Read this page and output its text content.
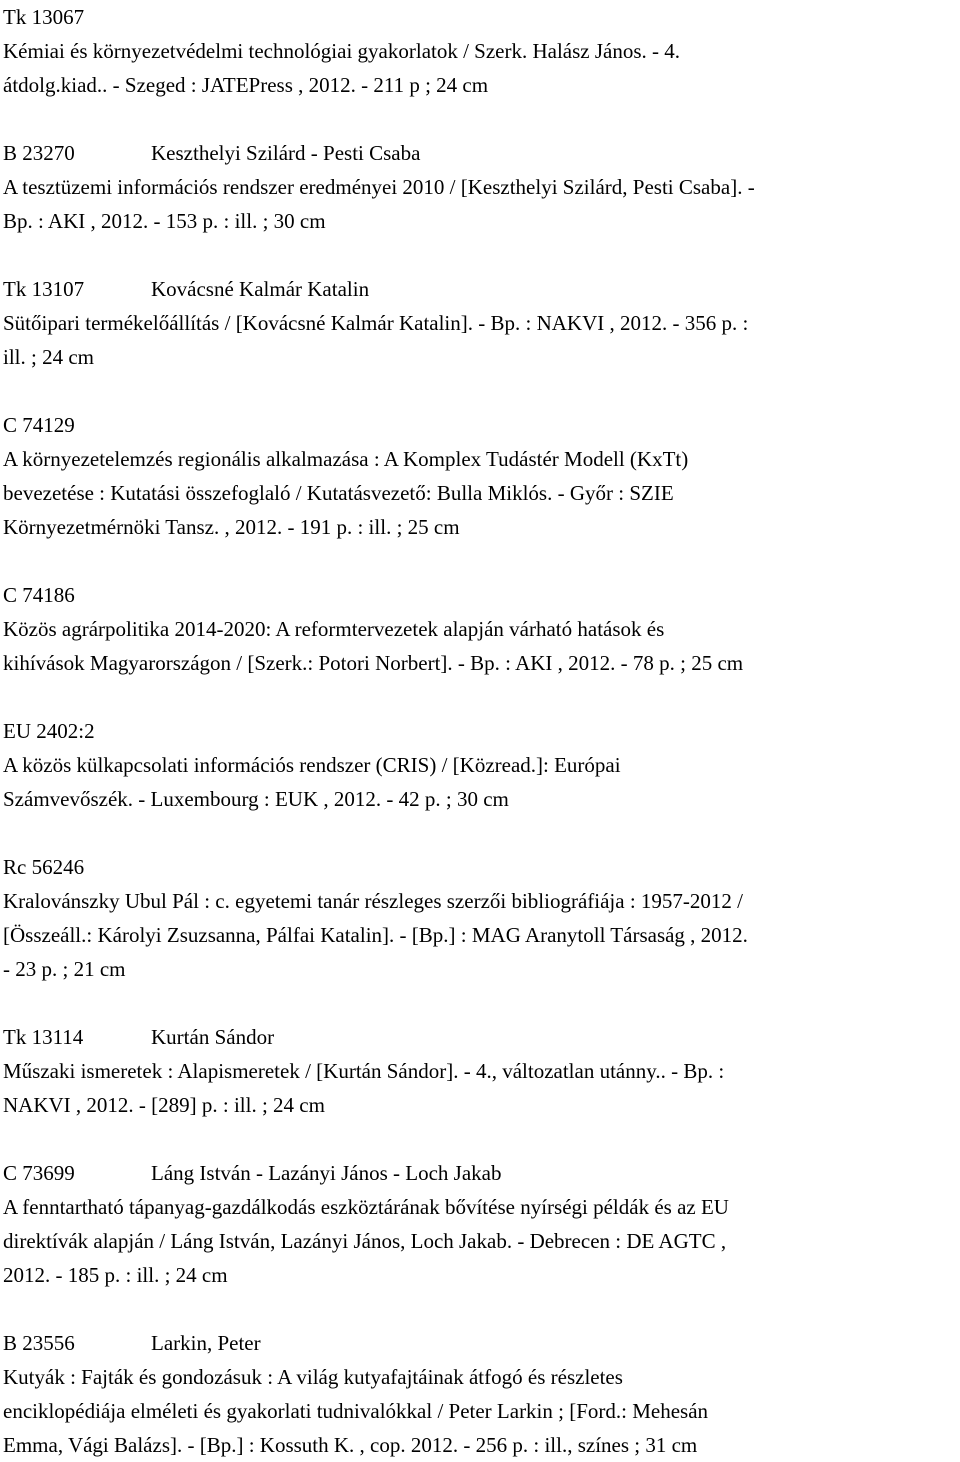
Tk 13067
Kémiai és környezetvédelmi technológiai gyakorlatok / Szerk. Halász János. - 4.
átdolg.kiad.. - Szeged : JATEPress , 2012. - 211 p ; 24 cm
B 23270	Keszthelyi Szilárd - Pesti Csaba
A tesztüzemi információs rendszer eredményei 2010 / [Keszthelyi Szilárd, Pesti Csaba]. -
Bp. : AKI , 2012. - 153 p. : ill. ; 30 cm
Tk 13107	Kovácsné Kalmár Katalin
Sütőipari termékelőállítás / [Kovácsné Kalmár Katalin]. - Bp. : NAKVI , 2012. - 356 p. :
ill. ; 24 cm
C 74129
A környezetelemzés regionális alkalmazása : A Komplex Tudástér Modell (KxTt)
bevezetése : Kutatási összefoglaló / Kutatásvezető: Bulla Miklós. - Győr : SZIE
Környezetmérnöki Tansz. , 2012. - 191 p. : ill. ; 25 cm
C 74186
Közös agrárpolitika 2014-2020: A reformtervezetek alapján várható hatások és
kihívások Magyarországon / [Szerk.: Potori Norbert]. - Bp. : AKI , 2012. - 78 p. ; 25 cm
EU 2402:2
A közös külkapcsolati információs rendszer (CRIS) / [Közread.]: Európai
Számvevőszék. - Luxembourg : EUK , 2012. - 42 p. ; 30 cm
Rc 56246
Kralovánszky Ubul Pál : c. egyetemi tanár részleges szerzői bibliográfiája : 1957-2012 /
[Összeáll.: Károlyi Zsuzsanna, Pálfai Katalin]. - [Bp.] : MAG Aranytoll Társaság , 2012.
- 23 p. ; 21 cm
Tk 13114	Kurtán Sándor
Műszaki ismeretek : Alapismeretek / [Kurtán Sándor]. - 4., változatlan utánny.. - Bp. :
NAKVI , 2012. - [289] p. : ill. ; 24 cm
C 73699	Láng István - Lazányi János - Loch Jakab
A fenntartható tápanyag-gazdálkodás eszköztárának bővítése nyírségi példák és az EU
direktívák alapján / Láng István, Lazányi János, Loch Jakab. - Debrecen : DE AGTC ,
2012. - 185 p. : ill. ; 24 cm
B 23556	Larkin, Peter
Kutyák : Fajták és gondozásuk : A világ kutyafajtáinak átfogó és részletes
enciklopédiája elméleti és gyakorlati tudnivalókkal / Peter Larkin ; [Ford.: Mehesán
Emma, Vági Balázs]. - [Bp.] : Kossuth K. , cop. 2012. - 256 p. : ill., színes ; 31 cm
